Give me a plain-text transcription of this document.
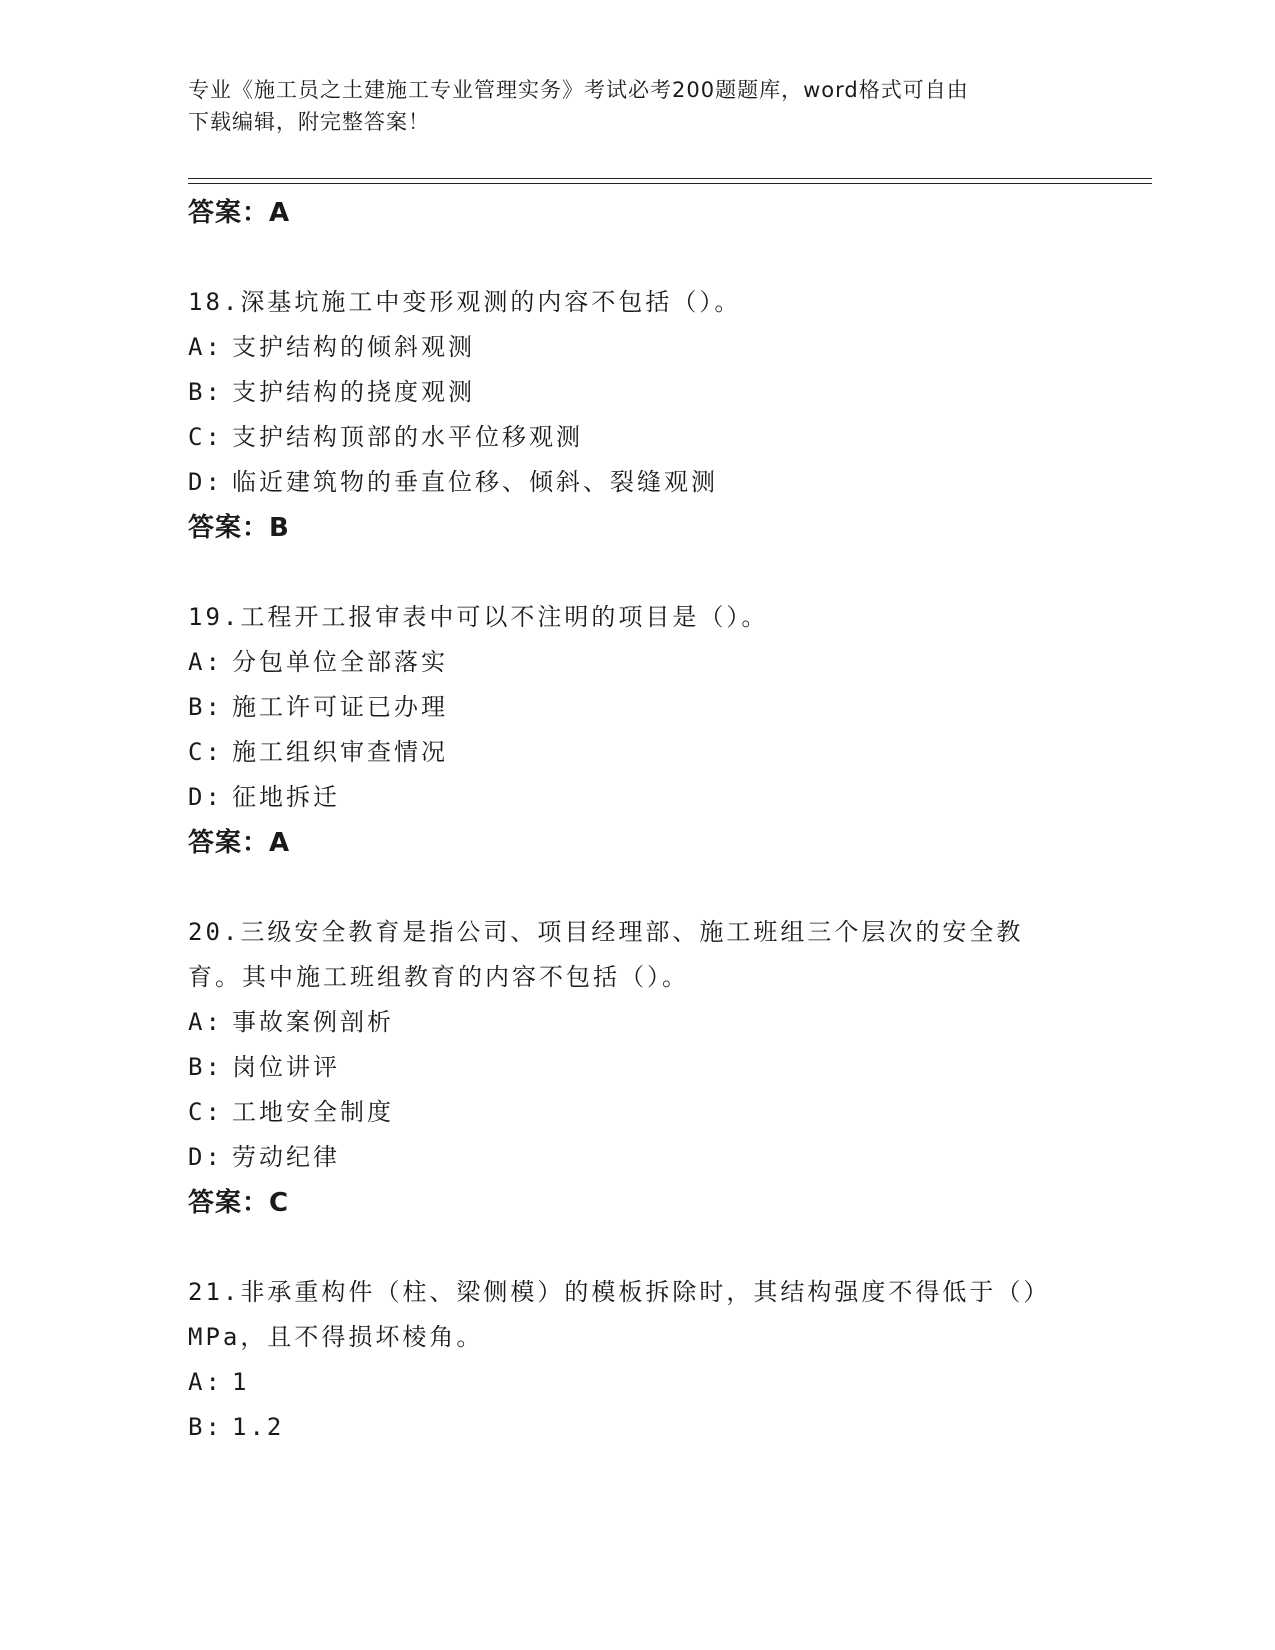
专业《施工员之土建施工专业管理实务》考试必考200题题库，word格式可自由
下载编辑，附完整答案！

答案：A

18.深基坑施工中变形观测的内容不包括（）。

A: 支护结构的倾斜观测

B: 支护结构的挠度观测

C: 支护结构顶部的水平位移观测

D: 临近建筑物的垂直位移、倾斜、裂缝观测

答案：B

19.工程开工报审表中可以不注明的项目是（）。

A: 分包单位全部落实

B: 施工许可证已办理

C: 施工组织审查情况

D: 征地拆迁

答案：A

20.三级安全教育是指公司、项目经理部、施工班组三个层次的安全教育。其中施工班组教育的内容不包括（）。

A: 事故案例剖析

B: 岗位讲评

C: 工地安全制度

D: 劳动纪律

答案：C

21.非承重构件（柱、梁侧模）的模板拆除时，其结构强度不得低于（）MPa，且不得损坏棱角。

A: 1

B: 1.2
